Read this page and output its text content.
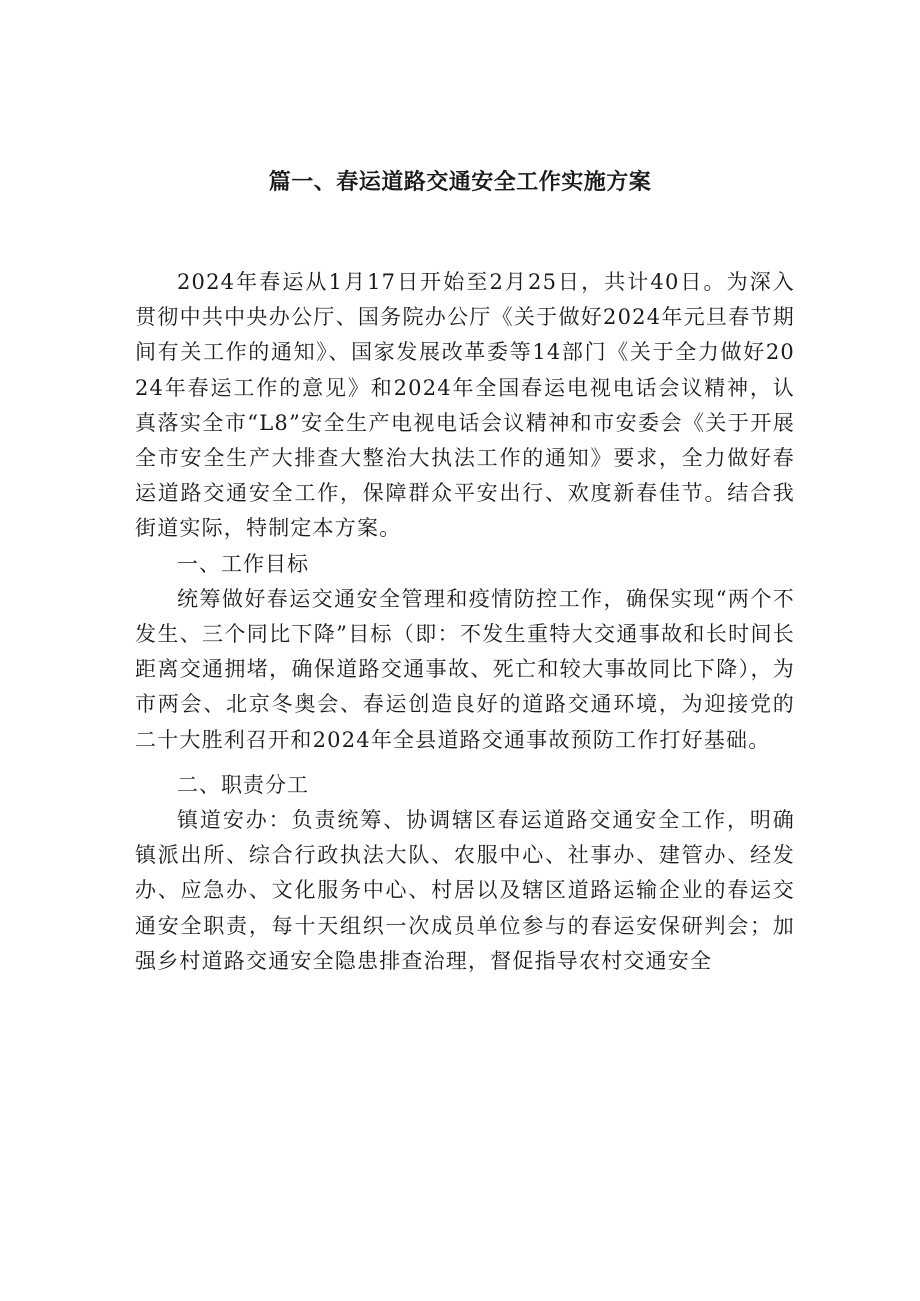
篇一、春运道路交通安全工作实施方案

2024年春运从1月17日开始至2月25日，共计40日。为深入贯彻中共中央办公厅、国务院办公厅《关于做好2024年元旦春节期间有关工作的通知》、国家发展改革委等14部门《关于全力做好2024年春运工作的意见》和2024年全国春运电视电话会议精神，认真落实全市“L8”安全生产电视电话会议精神和市安委会《关于开展全市安全生产大排查大整治大执法工作的通知》要求，全力做好春运道路交通安全工作，保障群众平安出行、欢度新春佳节。结合我街道实际，特制定本方案。

一、工作目标

统筹做好春运交通安全管理和疫情防控工作，确保实现“两个不发生、三个同比下降”目标（即：不发生重特大交通事故和长时间长距离交通拥堵，确保道路交通事故、死亡和较大事故同比下降），为市两会、北京冬奥会、春运创造良好的道路交通环境，为迎接党的二十大胜利召开和2024年全县道路交通事故预防工作打好基础。

二、职责分工

镇道安办：负责统筹、协调辖区春运道路交通安全工作，明确镇派出所、综合行政执法大队、农服中心、社事办、建管办、经发办、应急办、文化服务中心、村居以及辖区道路运输企业的春运交通安全职责，每十天组织一次成员单位参与的春运安保研判会；加强乡村道路交通安全隐患排查治理，督促指导农村交通安全
